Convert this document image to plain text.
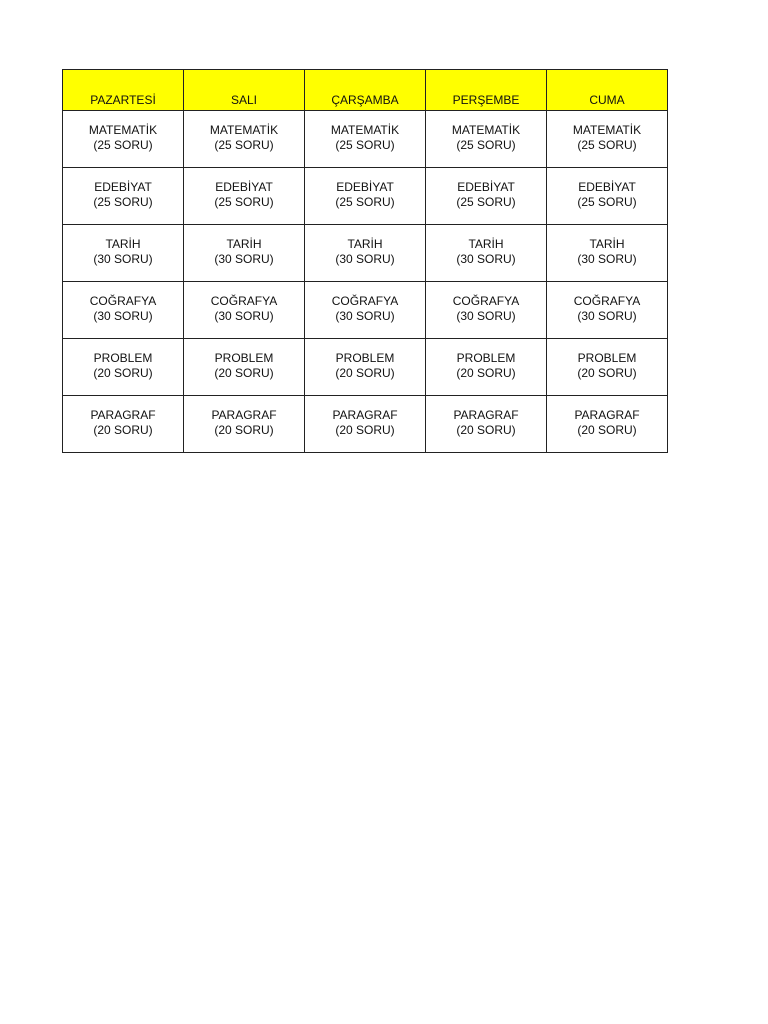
PAZARTESİ	SALI	ÇARŞAMBA	PERŞEMBE	CUMA

MATEMATİK
(25 SORU)	MATEMATİK
(25 SORU)	MATEMATİK
(25 SORU)	MATEMATİK
(25 SORU)	MATEMATİK
(25 SORU)

EDEBİYAT
(25 SORU)	EDEBİYAT
(25 SORU)	EDEBİYAT
(25 SORU)	EDEBİYAT
(25 SORU)	EDEBİYAT
(25 SORU)

TARİH
(30 SORU)	TARİH
(30 SORU)	TARİH
(30 SORU)	TARİH
(30 SORU)	TARİH
(30 SORU)

COĞRAFYA
(30 SORU)	COĞRAFYA
(30 SORU)	COĞRAFYA
(30 SORU)	COĞRAFYA
(30 SORU)	COĞRAFYA
(30 SORU)

PROBLEM
(20 SORU)	PROBLEM
(20 SORU)	PROBLEM
(20 SORU)	PROBLEM
(20 SORU)	PROBLEM
(20 SORU)

PARAGRAF
(20 SORU)	PARAGRAF
(20 SORU)	PARAGRAF
(20 SORU)	PARAGRAF
(20 SORU)	PARAGRAF
(20 SORU)
